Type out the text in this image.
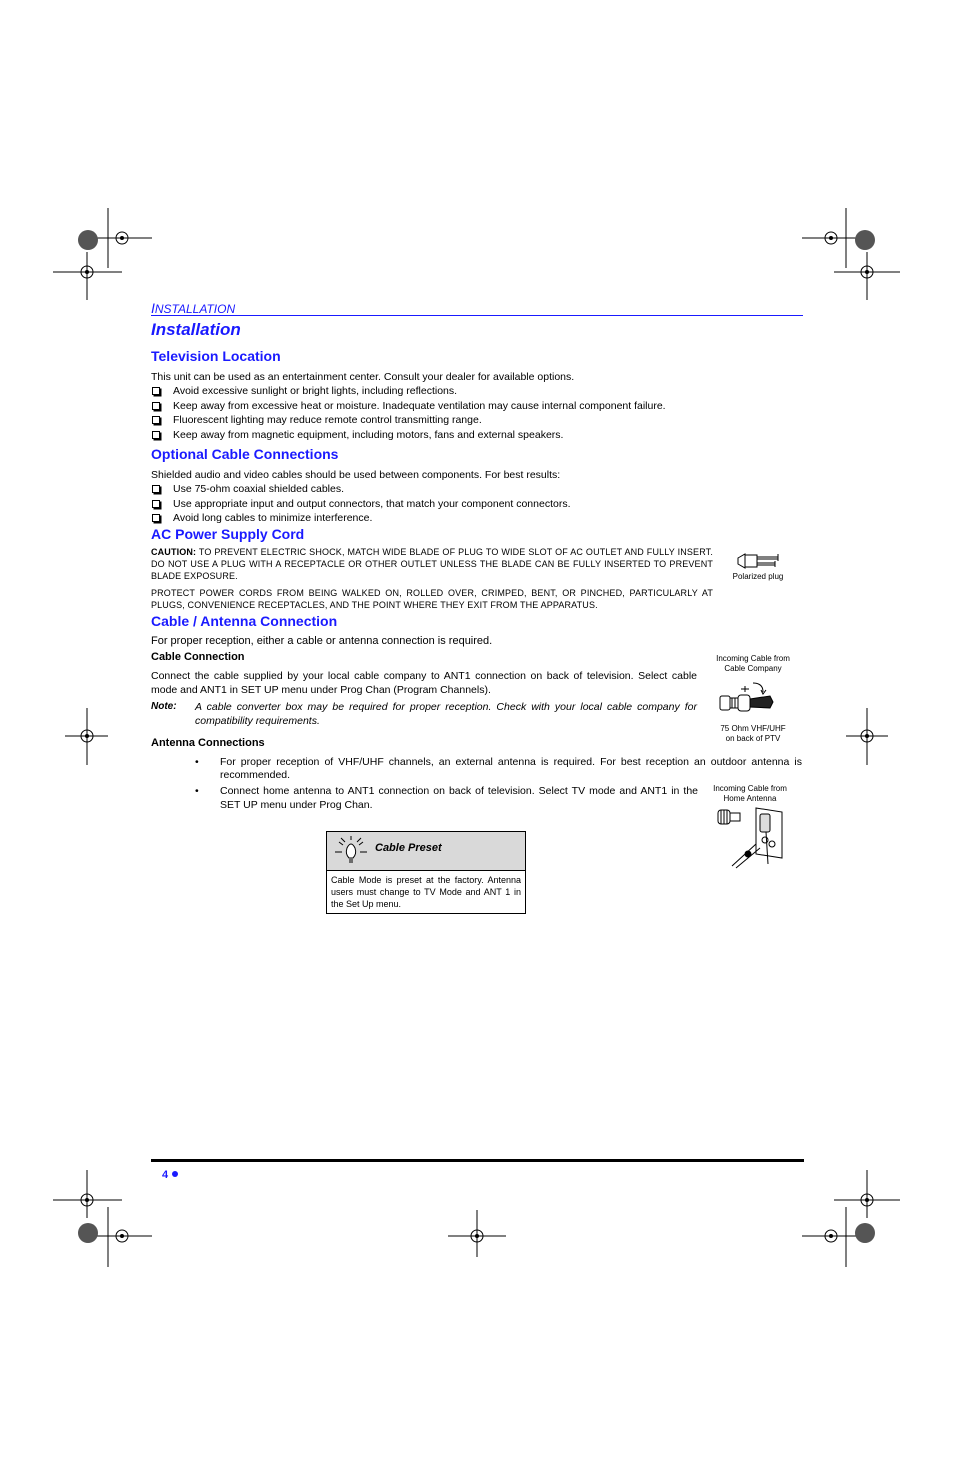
INSTALLATION
Installation
Television Location
This unit can be used as an entertainment center. Consult your dealer for available options.
Avoid excessive sunlight or bright lights, including reflections.
Keep away from excessive heat or moisture. Inadequate ventilation may cause internal component failure.
Fluorescent lighting may reduce remote control transmitting range.
Keep away from magnetic equipment, including motors, fans and external speakers.
Optional Cable Connections
Shielded audio and video cables should be used between components. For best results:
Use 75-ohm coaxial shielded cables.
Use appropriate input and output connectors, that match your component connectors.
Avoid long cables to minimize interference.
AC Power Supply Cord
CAUTION: TO PREVENT ELECTRIC SHOCK, MATCH WIDE BLADE OF PLUG TO WIDE SLOT OF AC OUTLET AND FULLY INSERT. DO NOT USE A PLUG WITH A RECEPTACLE OR OTHER OUTLET UNLESS THE BLADE CAN BE FULLY INSERTED TO PREVENT BLADE EXPOSURE.
PROTECT POWER CORDS FROM BEING WALKED ON, ROLLED OVER, CRIMPED, BENT, OR PINCHED, PARTICULARLY AT PLUGS, CONVENIENCE RECEPTACLES, AND THE POINT WHERE THEY EXIT FROM THE APPARATUS.
Polarized plug
Cable / Antenna Connection
For proper reception, either a cable or antenna connection is required.
Cable Connection
Connect the cable supplied by your local cable company to ANT1 connection on back of television. Select cable mode and ANT1 in SET UP menu under Prog Chan (Program Channels).
Note:	A cable converter box may be required for proper reception. Check with your local cable company for compatibility requirements.
Antenna Connections
• For proper reception of VHF/UHF channels, an external antenna is required. For best reception an outdoor antenna is recommended.
• Connect home antenna to ANT1 connection on back of television. Select TV mode and ANT1 in the SET UP menu under Prog Chan.
Incoming Cable from
Cable Company
75 Ohm VHF/UHF
on back of PTV
Incoming Cable from
Home Antenna
Cable Preset
Cable Mode is preset at the factory. Antenna users must change to TV Mode and ANT 1 in the Set Up menu.
4
